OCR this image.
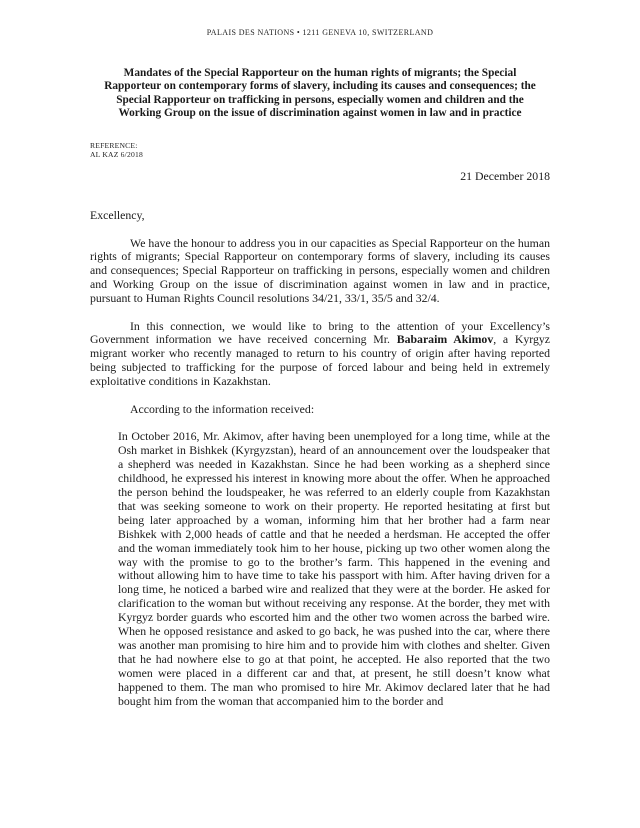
PALAIS DES NATIONS • 1211 GENEVA 10, SWITZERLAND
Mandates of the Special Rapporteur on the human rights of migrants; the Special Rapporteur on contemporary forms of slavery, including its causes and consequences; the Special Rapporteur on trafficking in persons, especially women and children and the Working Group on the issue of discrimination against women in law and in practice
REFERENCE:
AL KAZ 6/2018
21 December 2018
Excellency,

We have the honour to address you in our capacities as Special Rapporteur on the human rights of migrants; Special Rapporteur on contemporary forms of slavery, including its causes and consequences; Special Rapporteur on trafficking in persons, especially women and children and Working Group on the issue of discrimination against women in law and in practice, pursuant to Human Rights Council resolutions 34/21, 33/1, 35/5 and 32/4.

In this connection, we would like to bring to the attention of your Excellency’s Government information we have received concerning Mr. Babaraim Akimov, a Kyrgyz migrant worker who recently managed to return to his country of origin after having reported being subjected to trafficking for the purpose of forced labour and being held in extremely exploitative conditions in Kazakhstan.

According to the information received:

In October 2016, Mr. Akimov, after having been unemployed for a long time, while at the Osh market in Bishkek (Kyrgyzstan), heard of an announcement over the loudspeaker that a shepherd was needed in Kazakhstan. Since he had been working as a shepherd since childhood, he expressed his interest in knowing more about the offer. When he approached the person behind the loudspeaker, he was referred to an elderly couple from Kazakhstan that was seeking someone to work on their property. He reported hesitating at first but being later approached by a woman, informing him that her brother had a farm near Bishkek with 2,000 heads of cattle and that he needed a herdsman. He accepted the offer and the woman immediately took him to her house, picking up two other women along the way with the promise to go to the brother’s farm. This happened in the evening and without allowing him to have time to take his passport with him. After having driven for a long time, he noticed a barbed wire and realized that they were at the border. He asked for clarification to the woman but without receiving any response. At the border, they met with Kyrgyz border guards who escorted him and the other two women across the barbed wire. When he opposed resistance and asked to go back, he was pushed into the car, where there was another man promising to hire him and to provide him with clothes and shelter. Given that he had nowhere else to go at that point, he accepted. He also reported that the two women were placed in a different car and that, at present, he still doesn’t know what happened to them. The man who promised to hire Mr. Akimov declared later that he had bought him from the woman that accompanied him to the border and
